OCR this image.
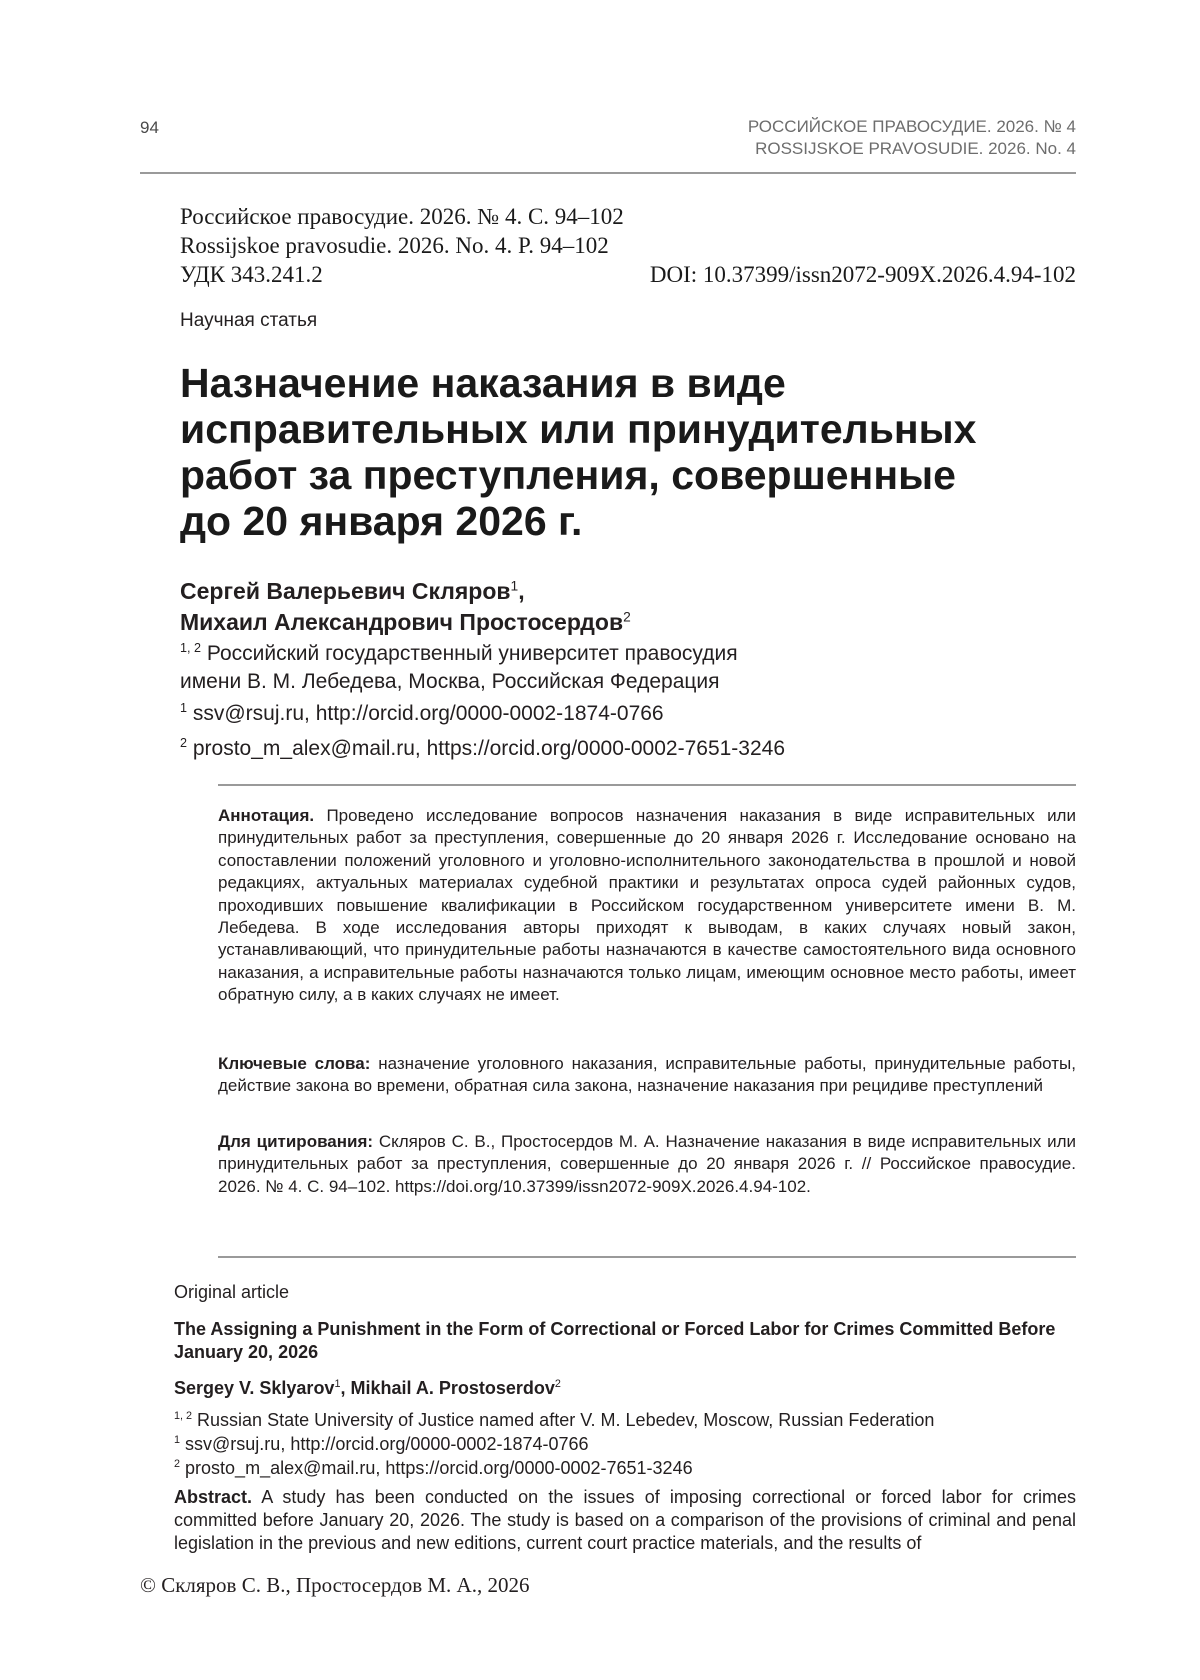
94	РОССИЙСКОЕ ПРАВОСУДИЕ. 2026. № 4
ROSSIJSKOE PRAVOSUDIE. 2026. No. 4
Российское правосудие. 2026. № 4. С. 94–102
Rossijskoe pravosudie. 2026. No. 4. P. 94–102
УДК 343.241.2	DOI: 10.37399/issn2072-909X.2026.4.94-102
Научная статья
Назначение наказания в виде
исправительных или принудительных
работ за преступления, совершенные
до 20 января 2026 г.
Сергей Валерьевич Скляров$^1$,
Михаил Александрович Простосердов$^2$
$^{1, 2}$ Российский государственный университет правосудия
имени В. М. Лебедева, Москва, Российская Федерация
$^1$ ssv@rsuj.ru, http://orcid.org/0000-0002-1874-0766
$^2$ prosto_m_alex@mail.ru, https://orcid.org/0000-0002-7651-3246

Аннотация. Проведено исследование вопросов назначения наказания в виде исправительных или принудительных работ за преступления, совершенные до 20 января 2026 г. Исследование основано на сопоставлении положений уголовного и уголовно-исполнительного законодательства в прошлой и новой редакциях, актуальных материалах судебной практики и результатах опроса судей районных судов, проходивших повышение квалификации в Российском государственном университете имени В. М. Лебедева. В ходе исследования авторы приходят к выводам, в каких случаях новый закон, устанавливающий, что принудительные работы назначаются в качестве самостоятельного вида основного наказания, а исправительные работы назначаются только лицам, имеющим основное место работы, имеет обратную силу, а в каких случаях не имеет.

Ключевые слова: назначение уголовного наказания, исправительные работы, принудительные работы, действие закона во времени, обратная сила закона, назначение наказания при рецидиве преступлений

Для цитирования: Скляров С. В., Простосердов М. А. Назначение наказания в виде исправительных или принудительных работ за преступления, совершенные до 20 января 2026 г. // Российское правосудие. 2026. № 4. С. 94–102. https://doi.org/10.37399/issn2072-909X.2026.4.94-102.

Original article
The Assigning a Punishment in the Form of Correctional or Forced Labor for Crimes Committed Before January 20, 2026
Sergey V. Sklyarov$^1$, Mikhail A. Prostoserdov$^2$
$^{1, 2}$ Russian State University of Justice named after V. M. Lebedev, Moscow, Russian Federation
$^1$ ssv@rsuj.ru, http://orcid.org/0000-0002-1874-0766
$^2$ prosto_m_alex@mail.ru, https://orcid.org/0000-0002-7651-3246

Abstract. A study has been conducted on the issues of imposing correctional or forced labor for crimes committed before January 20, 2026. The study is based on a comparison of the provisions of criminal and penal legislation in the previous and new editions, current court practice materials, and the results of

© Скляров С. В., Простосердов М. А., 2026
